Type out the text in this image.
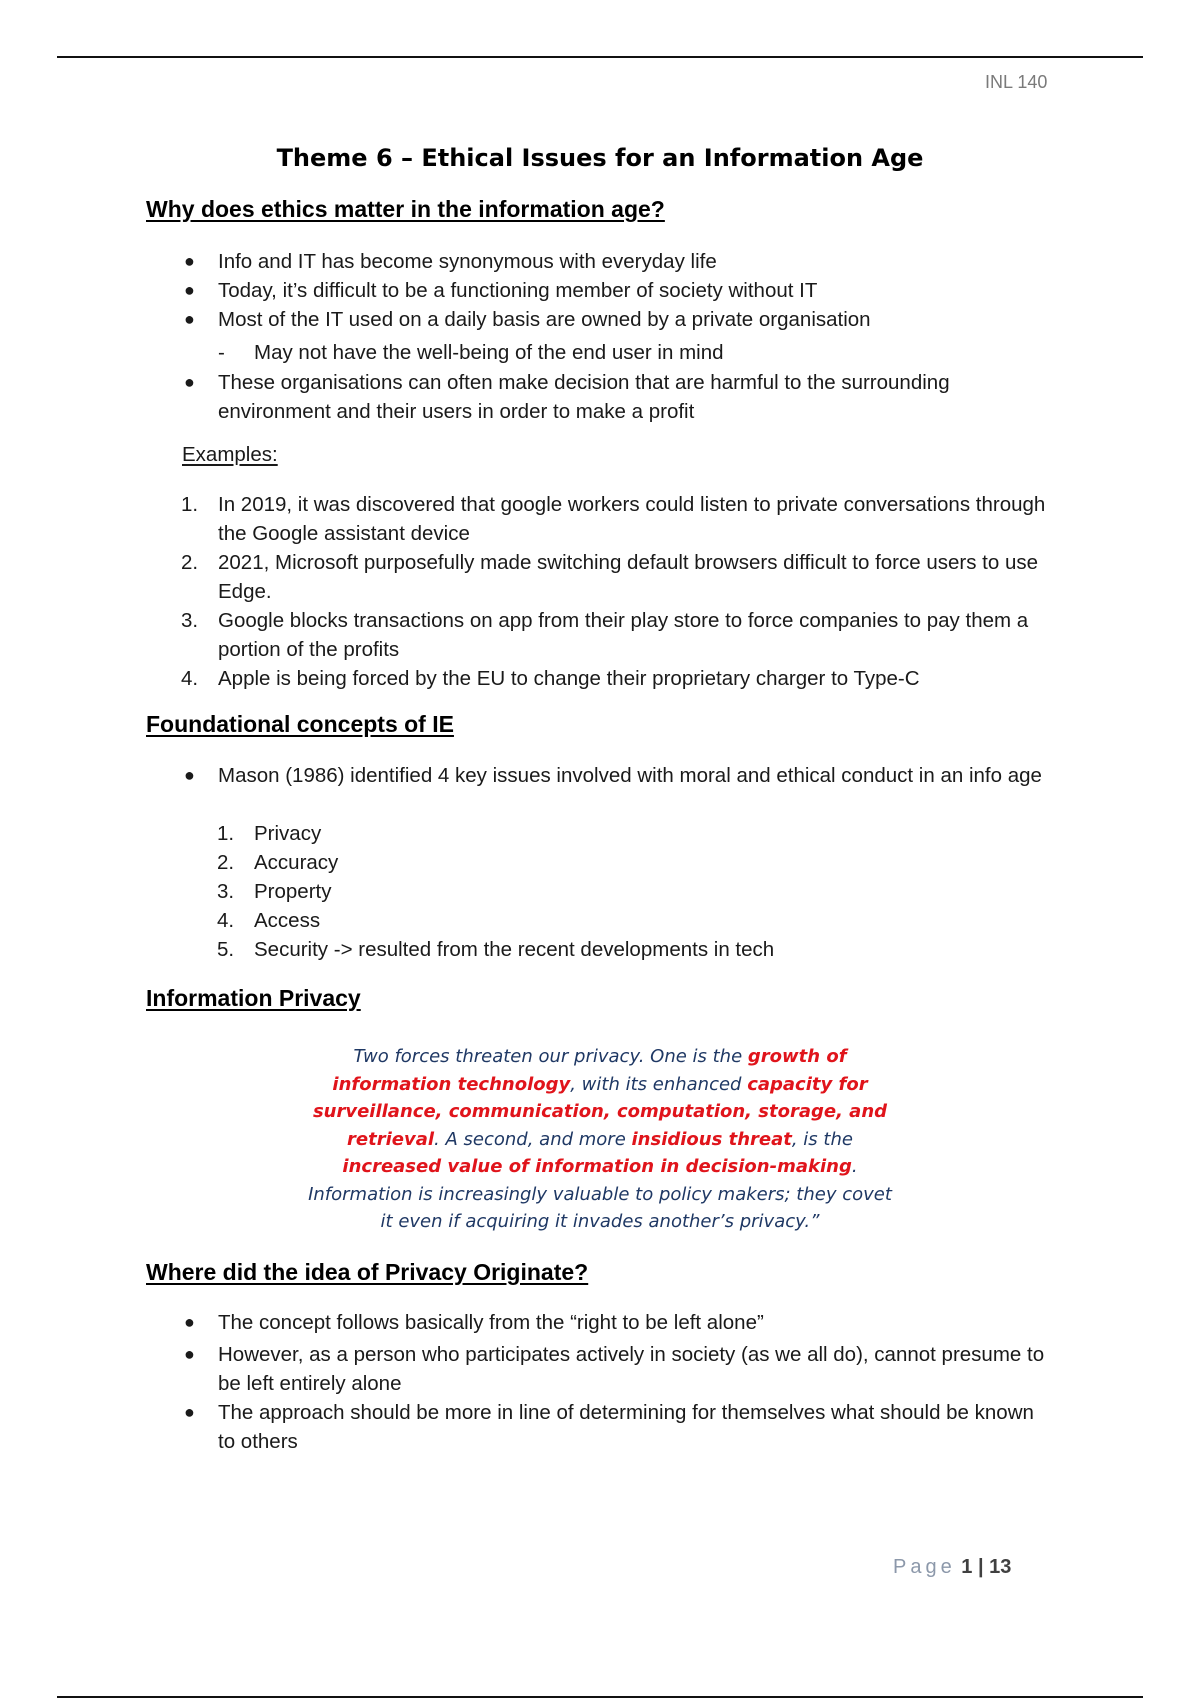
INL 140
Theme 6 – Ethical Issues for an Information Age
Why does ethics matter in the information age?
● Info and IT has become synonymous with everyday life
● Today, it’s difficult to be a functioning member of society without IT
● Most of the IT used on a daily basis are owned by a private organisation
- May not have the well-being of the end user in mind
● These organisations can often make decision that are harmful to the surrounding environment and their users in order to make a profit
Examples:
1. In 2019, it was discovered that google workers could listen to private conversations through the Google assistant device
2. 2021, Microsoft purposefully made switching default browsers difficult to force users to use Edge.
3. Google blocks transactions on app from their play store to force companies to pay them a portion of the profits
4. Apple is being forced by the EU to change their proprietary charger to Type-C
Foundational concepts of IE
● Mason (1986) identified 4 key issues involved with moral and ethical conduct in an info age
1. Privacy
2. Accuracy
3. Property
4. Access
5. Security -> resulted from the recent developments in tech
Information Privacy
Two forces threaten our privacy. One is the growth of information technology, with its enhanced capacity for surveillance, communication, computation, storage, and retrieval. A second, and more insidious threat, is the increased value of information in decision-making. Information is increasingly valuable to policy makers; they covet it even if acquiring it invades another’s privacy.”
Where did the idea of Privacy Originate?
● The concept follows basically from the “right to be left alone”
● However, as a person who participates actively in society (as we all do), cannot presume to be left entirely alone
● The approach should be more in line of determining for themselves what should be known to others
Page 1 | 13
